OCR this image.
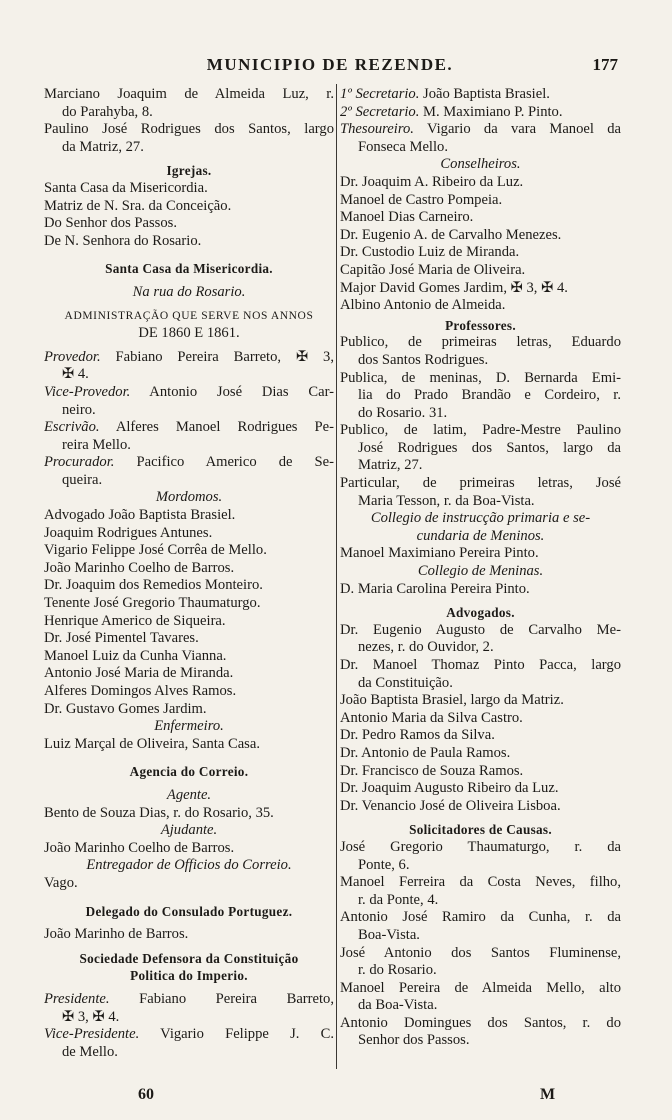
MUNICIPIO DE REZENDE.	177
Marciano Joaquim de Almeida Luz, r.
do Parahyba, 8.
Paulino José Rodrigues dos Santos, largo
da Matriz, 27.
Igrejas.
Santa Casa da Misericordia.
Matriz de N. Sra. da Conceição.
Do Senhor dos Passos.
De N. Senhora do Rosario.
Santa Casa da Misericordia.
Na rua do Rosario.
ADMINISTRAÇÃO QUE SERVE NOS ANNOS
DE 1860 E 1861.
Provedor. Fabiano Pereira Barreto, ✠ 3,
✠ 4.
Vice-Provedor. Antonio José Dias Car-
neiro.
Escrivão. Alferes Manoel Rodrigues Pe-
reira Mello.
Procurador. Pacifico Americo de Se-
queira.
Mordomos.
Advogado João Baptista Brasiel.
Joaquim Rodrigues Antunes.
Vigario Felippe José Corrêa de Mello.
João Marinho Coelho de Barros.
Dr. Joaquim dos Remedios Monteiro.
Tenente José Gregorio Thaumaturgo.
Henrique Americo de Siqueira.
Dr. José Pimentel Tavares.
Manoel Luiz da Cunha Vianna.
Antonio José Maria de Miranda.
Alferes Domingos Alves Ramos.
Dr. Gustavo Gomes Jardim.
Enfermeiro.
Luiz Marçal de Oliveira, Santa Casa.
Agencia do Correio.
Agente.
Bento de Souza Dias, r. do Rosario, 35.
Ajudante.
João Marinho Coelho de Barros.
Entregador de Officios do Correio.
Vago.
Delegado do Consulado Portuguez.
João Marinho de Barros.
Sociedade Defensora da Constituição
Politica do Imperio.
Presidente. Fabiano Pereira Barreto,
✠ 3, ✠ 4.
Vice-Presidente. Vigario Felippe J. C.
de Mello.
1º Secretario. João Baptista Brasiel.
2º Secretario. M. Maximiano P. Pinto.
Thesoureiro. Vigario da vara Manoel da
Fonseca Mello.
Conselheiros.
Dr. Joaquim A. Ribeiro da Luz.
Manoel de Castro Pompeia.
Manoel Dias Carneiro.
Dr. Eugenio A. de Carvalho Menezes.
Dr. Custodio Luiz de Miranda.
Capitão José Maria de Oliveira.
Major David Gomes Jardim, ✠ 3, ✠ 4.
Albino Antonio de Almeida.
Professores.
Publico, de primeiras letras, Eduardo
dos Santos Rodrigues.
Publica, de meninas, D. Bernarda Emi-
lia do Prado Brandão e Cordeiro, r.
do Rosario. 31.
Publico, de latim, Padre-Mestre Paulino
José Rodrigues dos Santos, largo da
Matriz, 27.
Particular, de primeiras letras, José
Maria Tesson, r. da Boa-Vista.
Collegio de instrucção primaria e se-
cundaria de Meninos.
Manoel Maximiano Pereira Pinto.
Collegio de Meninas.
D. Maria Carolina Pereira Pinto.
Advogados.
Dr. Eugenio Augusto de Carvalho Me-
nezes, r. do Ouvidor, 2.
Dr. Manoel Thomaz Pinto Pacca, largo
da Constituição.
João Baptista Brasiel, largo da Matriz.
Antonio Maria da Silva Castro.
Dr. Pedro Ramos da Silva.
Dr. Antonio de Paula Ramos.
Dr. Francisco de Souza Ramos.
Dr. Joaquim Augusto Ribeiro da Luz.
Dr. Venancio José de Oliveira Lisboa.
Solicitadores de Causas.
José Gregorio Thaumaturgo, r. da
Ponte, 6.
Manoel Ferreira da Costa Neves, filho,
r. da Ponte, 4.
Antonio José Ramiro da Cunha, r. da
Boa-Vista.
José Antonio dos Santos Fluminense,
r. do Rosario.
Manoel Pereira de Almeida Mello, alto
da Boa-Vista.
Antonio Domingues dos Santos, r. do
Senhor dos Passos.
60	M
